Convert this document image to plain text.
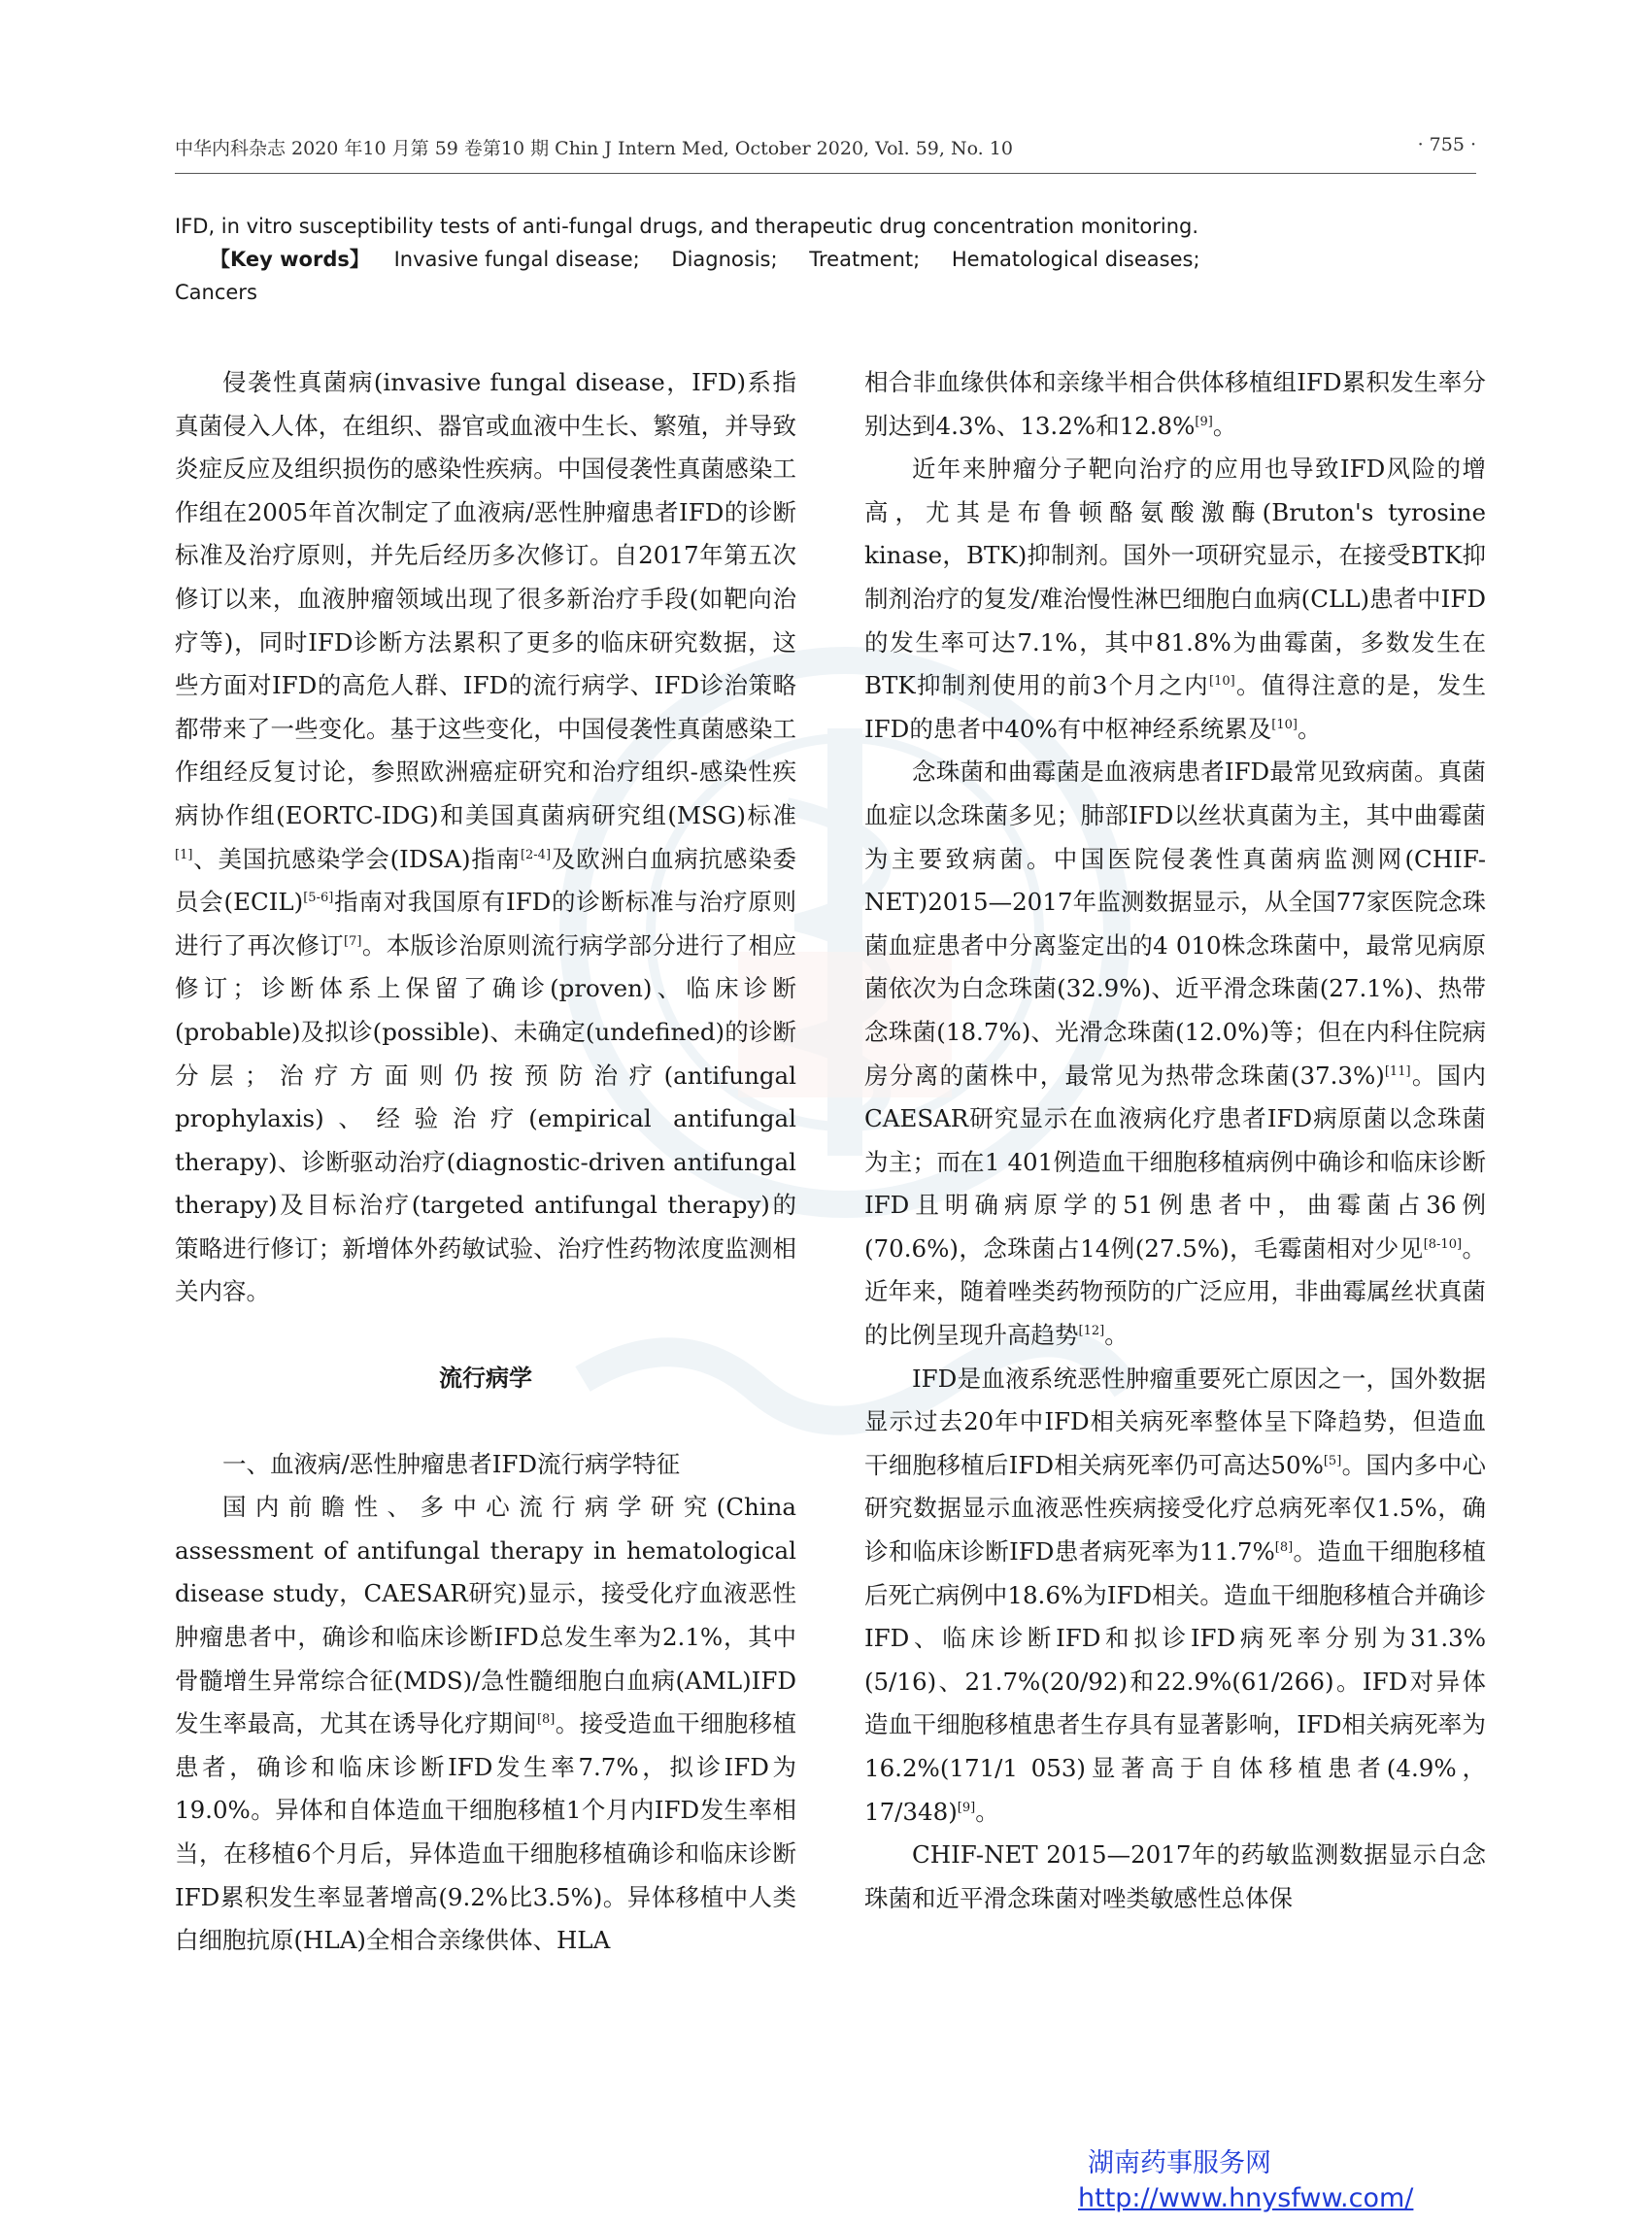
中华内科杂志 2020 年10 月第 59 卷第10 期 Chin J Intern Med, October 2020, Vol. 59, No. 10	· 755 ·

IFD, in vitro susceptibility tests of anti-fungal drugs, and therapeutic drug concentration monitoring.

【Key words】 Invasive fungal disease; Diagnosis; Treatment; Hematological diseases;

Cancers

侵袭性真菌病(invasive fungal disease，IFD)系指真菌侵入人体，在组织、器官或血液中生长、繁殖，并导致炎症反应及组织损伤的感染性疾病。中国侵袭性真菌感染工作组在2005年首次制定了血液病/恶性肿瘤患者IFD的诊断标准及治疗原则，并先后经历多次修订。自2017年第五次修订以来，血液肿瘤领域出现了很多新治疗手段(如靶向治疗等)，同时IFD诊断方法累积了更多的临床研究数据，这些方面对IFD的高危人群、IFD的流行病学、IFD诊治策略都带来了一些变化。基于这些变化，中国侵袭性真菌感染工作组经反复讨论，参照欧洲癌症研究和治疗组织-感染性疾病协作组(EORTC-IDG)和美国真菌病研究组(MSG)标准[1]、美国抗感染学会(IDSA)指南[2-4]及欧洲白血病抗感染委员会(ECIL)[5-6]指南对我国原有IFD的诊断标准与治疗原则进行了再次修订[7]。本版诊治原则流行病学部分进行了相应修订；诊断体系上保留了确诊(proven)、临床诊断(probable)及拟诊(possible)、未确定(undefined)的诊断分层；治疗方面则仍按预防治疗(antifungal prophylaxis)、经验治疗(empirical antifungal therapy)、诊断驱动治疗(diagnostic-driven antifungal therapy)及目标治疗(targeted antifungal therapy)的策略进行修订；新增体外药敏试验、治疗性药物浓度监测相关内容。

流行病学

一、血液病/恶性肿瘤患者IFD流行病学特征

国内前瞻性、多中心流行病学研究(China assessment of antifungal therapy in hematological disease study，CAESAR研究)显示，接受化疗血液恶性肿瘤患者中，确诊和临床诊断IFD总发生率为2.1%，其中骨髓增生异常综合征(MDS)/急性髓细胞白血病(AML)IFD发生率最高，尤其在诱导化疗期间[8]。接受造血干细胞移植患者，确诊和临床诊断IFD发生率7.7%，拟诊IFD为19.0%。异体和自体造血干细胞移植1个月内IFD发生率相当，在移植6个月后，异体造血干细胞移植确诊和临床诊断IFD累积发生率显著增高(9.2%比3.5%)。异体移植中人类白细胞抗原(HLA)全相合亲缘供体、HLA

相合非血缘供体和亲缘半相合供体移植组IFD累积发生率分别达到4.3%、13.2%和12.8%[9]。

近年来肿瘤分子靶向治疗的应用也导致IFD风险的增高，尤其是布鲁顿酪氨酸激酶(Bruton's tyrosine kinase，BTK)抑制剂。国外一项研究显示，在接受BTK抑制剂治疗的复发/难治慢性淋巴细胞白血病(CLL)患者中IFD的发生率可达7.1%，其中81.8%为曲霉菌，多数发生在BTK抑制剂使用的前3个月之内[10]。值得注意的是，发生IFD的患者中40%有中枢神经系统累及[10]。

念珠菌和曲霉菌是血液病患者IFD最常见致病菌。真菌血症以念珠菌多见；肺部IFD以丝状真菌为主，其中曲霉菌为主要致病菌。中国医院侵袭性真菌病监测网(CHIF-NET)2015—2017年监测数据显示，从全国77家医院念珠菌血症患者中分离鉴定出的4 010株念珠菌中，最常见病原菌依次为白念珠菌(32.9%)、近平滑念珠菌(27.1%)、热带念珠菌(18.7%)、光滑念珠菌(12.0%)等；但在内科住院病房分离的菌株中，最常见为热带念珠菌(37.3%)[11]。国内CAESAR研究显示在血液病化疗患者IFD病原菌以念珠菌为主；而在1 401例造血干细胞移植病例中确诊和临床诊断IFD且明确病原学的51例患者中，曲霉菌占36例(70.6%)，念珠菌占14例(27.5%)，毛霉菌相对少见[8-10]。近年来，随着唑类药物预防的广泛应用，非曲霉属丝状真菌的比例呈现升高趋势[12]。

IFD是血液系统恶性肿瘤重要死亡原因之一，国外数据显示过去20年中IFD相关病死率整体呈下降趋势，但造血干细胞移植后IFD相关病死率仍可高达50%[5]。国内多中心研究数据显示血液恶性疾病接受化疗总病死率仅1.5%，确诊和临床诊断IFD患者病死率为11.7%[8]。造血干细胞移植后死亡病例中18.6%为IFD相关。造血干细胞移植合并确诊IFD、临床诊断IFD和拟诊IFD病死率分别为31.3%(5/16)、21.7%(20/92)和22.9%(61/266)。IFD对异体造血干细胞移植患者生存具有显著影响，IFD相关病死率为16.2%(171/1 053)显著高于自体移植患者(4.9%，17/348)[9]。

CHIF-NET 2015—2017年的药敏监测数据显示白念珠菌和近平滑念珠菌对唑类敏感性总体保

湖南药事服务网
http://www.hnysfww.com/
